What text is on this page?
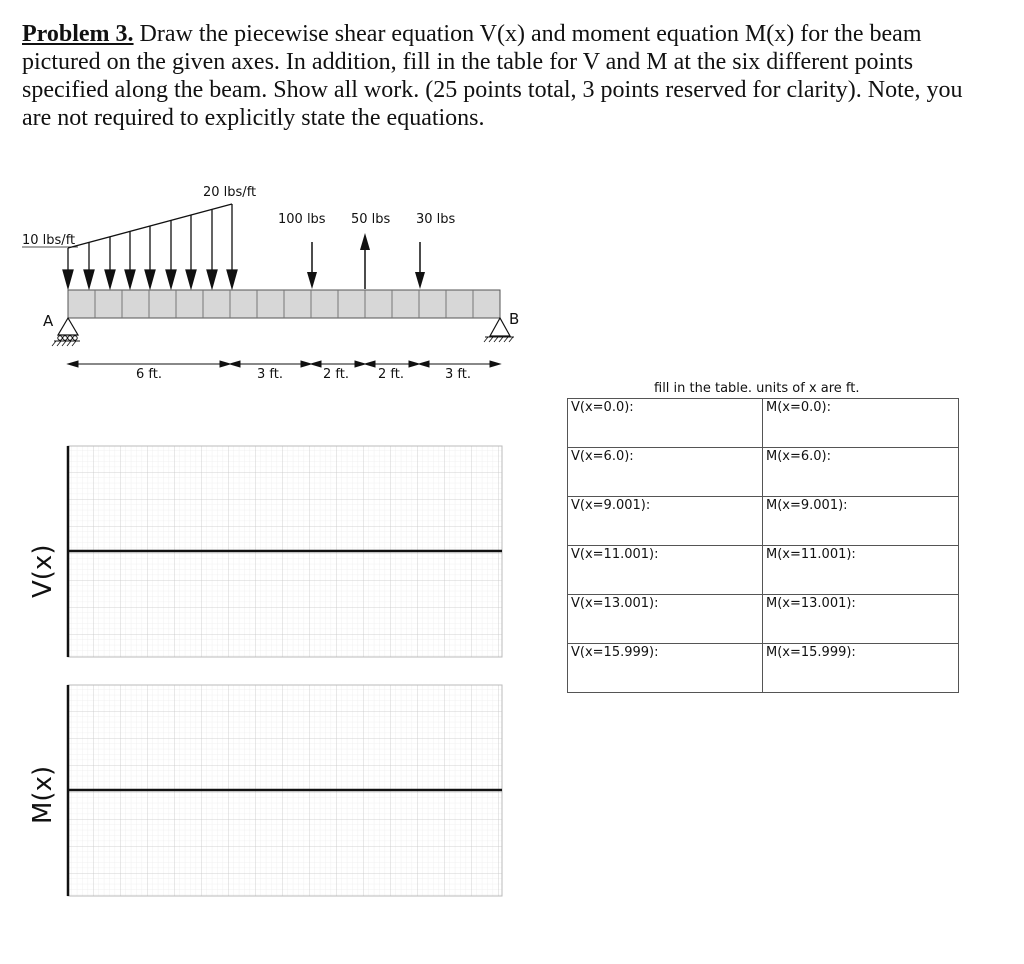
Problem 3. Draw the piecewise shear equation V(x) and moment equation M(x) for the beam pictured on the given axes. In addition, fill in the table for V and M at the six different points specified along the beam. Show all work. (25 points total, 3 points reserved for clarity). Note, you are not required to explicitly state the equations.
10 lbs/ft
20 lbs/ft
100 lbs 50 lbs 30 lbs
A	B
6 ft.	3 ft.	2 ft. 2 ft.	3 ft.
V(x)
M(x)
fill in the table. units of x are ft.
V(x=0.0):	M(x=0.0):
V(x=6.0):	M(x=6.0):
V(x=9.001):	M(x=9.001):
V(x=11.001):	M(x=11.001):
V(x=13.001):	M(x=13.001):
V(x=15.999):	M(x=15.999):
